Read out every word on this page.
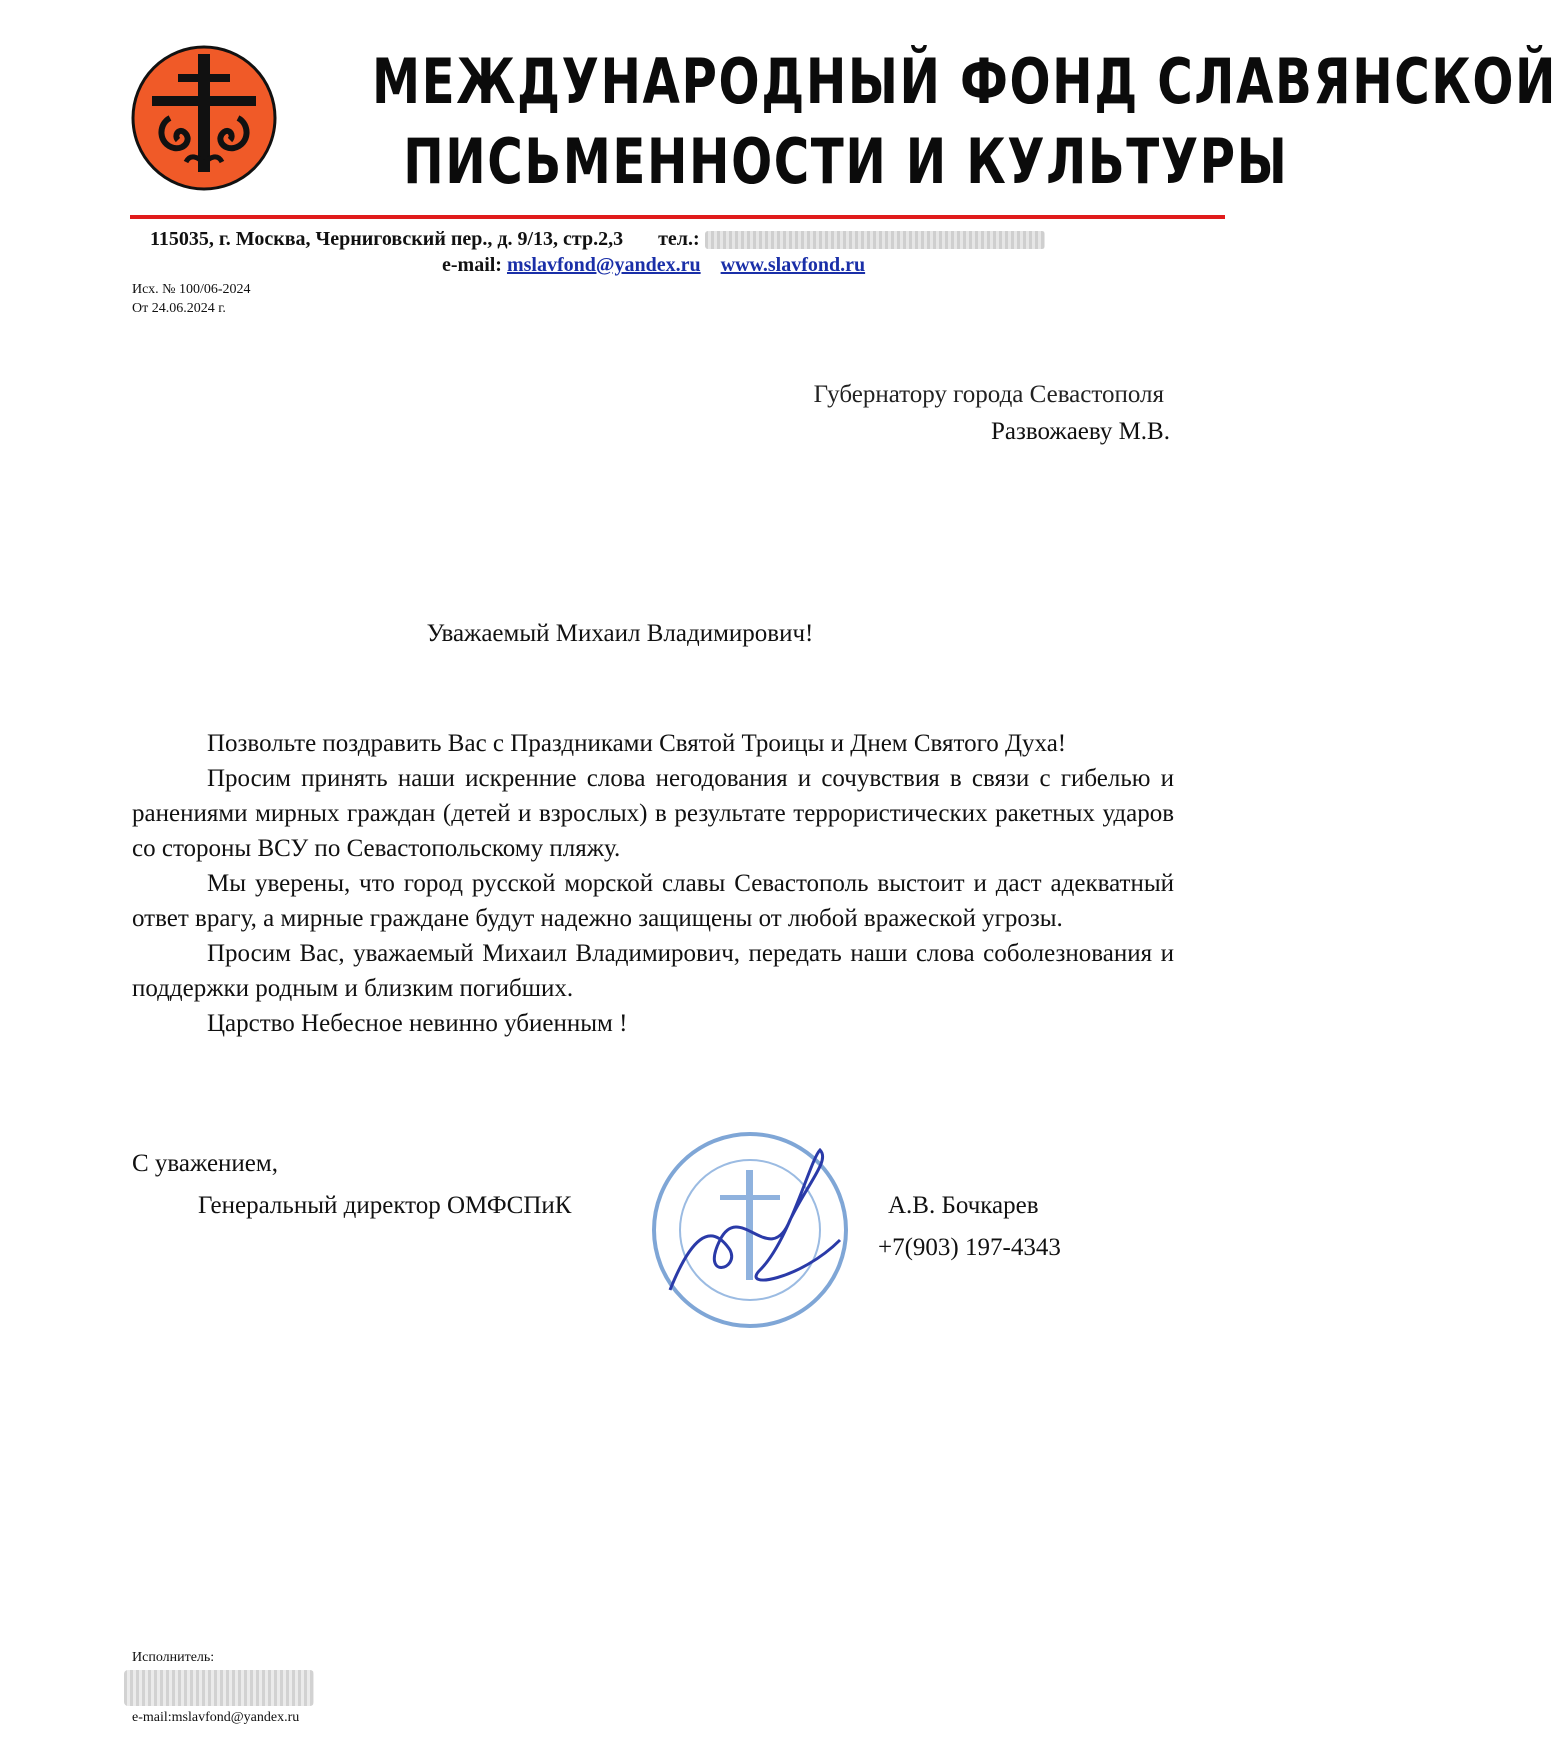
МЕЖДУНАРОДНЫЙ ФОНД СЛАВЯНСКОЙ
ПИСЬМЕННОСТИ И КУЛЬТУРЫ
115035, г. Москва, Черниговский пер., д. 9/13, стр.2,3 тел.:
e-mail: mslavfond@yandex.ru www.slavfond.ru
Исх. № 100/06-2024
От 24.06.2024 г.
Губернатору города Севастополя
Развожаеву М.В.
Уважаемый Михаил Владимирович!

Позвольте поздравить Вас с Праздниками Святой Троицы и Днем Святого Духа!

Просим принять наши искренние слова негодования и сочувствия в связи с гибелью и ранениями мирных граждан (детей и взрослых) в результате террористических ракетных ударов со стороны ВСУ по Севастопольскому пляжу.

Мы уверены, что город русской морской славы Севастополь выстоит и даст адекватный ответ врагу, а мирные граждане будут надежно защищены от любой вражеской угрозы.

Просим Вас, уважаемый Михаил Владимирович, передать наши слова соболезнования и поддержки родным и близким погибших.

Царство Небесное невинно убиенным !

С уважением,
Генеральный директор ОМФСПиК	А.В. Бочкарев
+7(903) 197-4343
Исполнитель:
e-mail:mslavfond@yandex.ru
